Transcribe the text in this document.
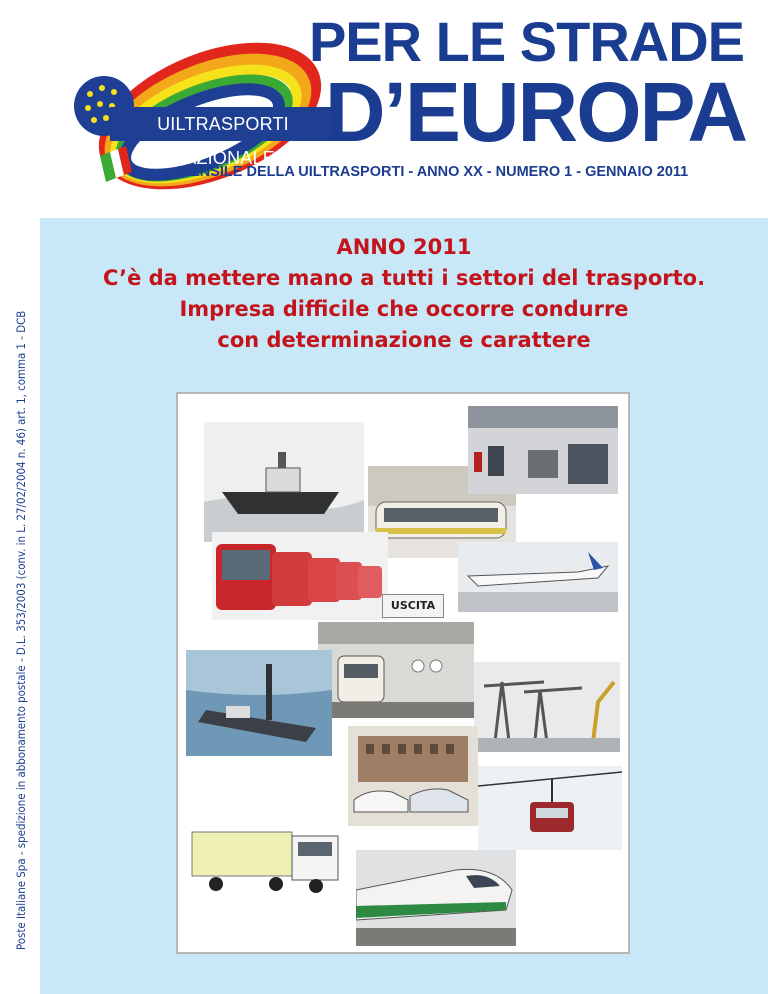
Poste Italiane Spa - spedizione in abbonamento postale - D.L. 353/2003 (conv. in L. 27/02/2004 n. 46) art. 1, comma 1 - DCB
UILTRASPORTI NAZIONALE
PER LE STRADE
D’EUROPA
MENSILE DELLA UILTRASPORTI - ANNO XX - NUMERO 1 - GENNAIO 2011
ANNO 2011
C’è da mettere mano a tutti i settori del trasporto.
Impresa difficile che occorre condurre
con determinazione e carattere
USCITA
